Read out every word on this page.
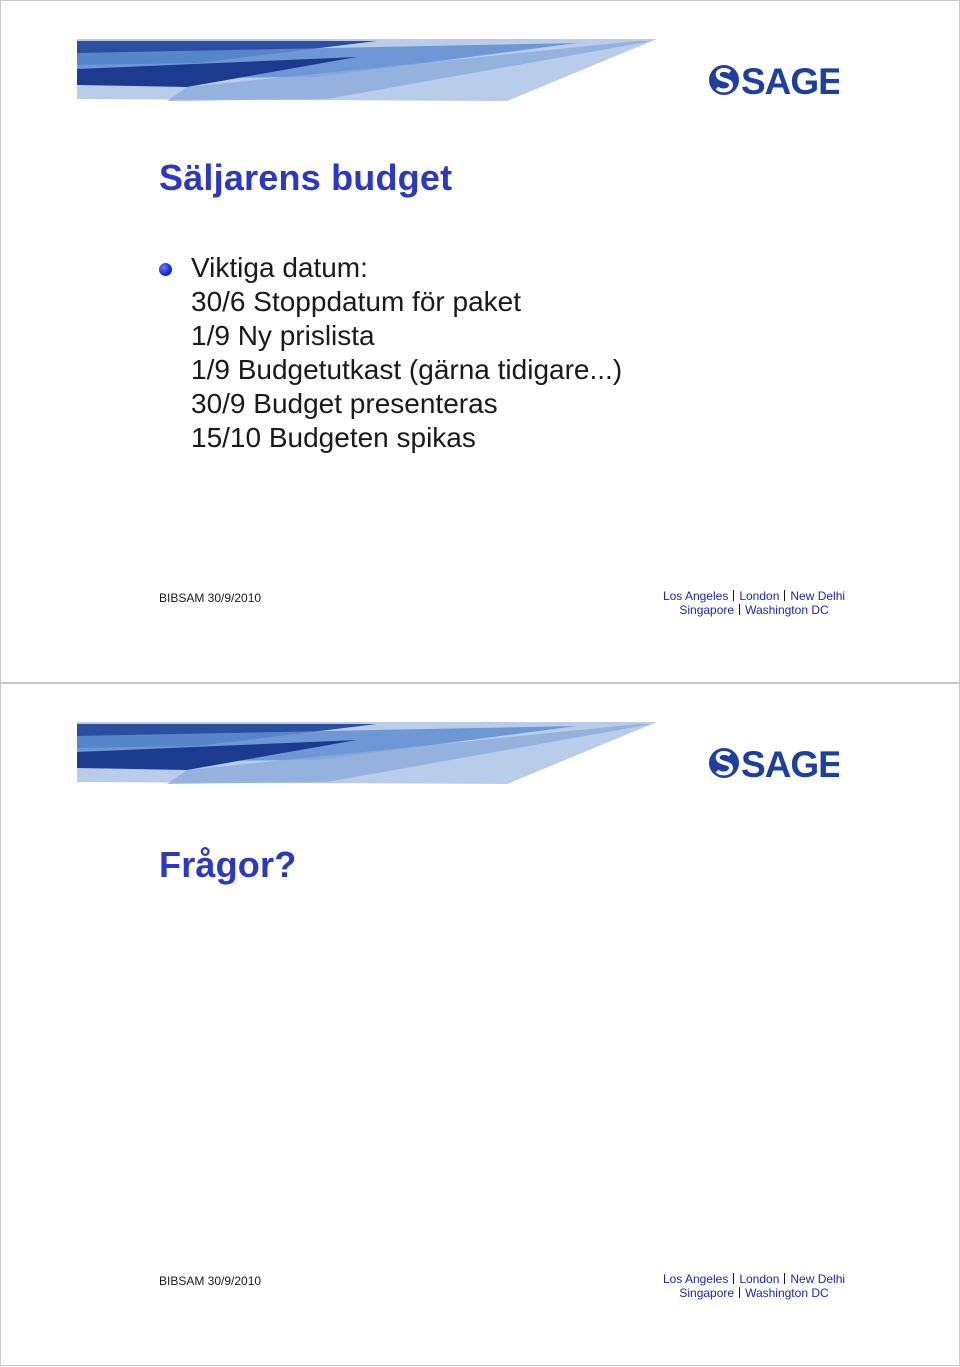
SAGE
Säljarens budget
Viktiga datum:
30/6 Stoppdatum för paket
1/9 Ny prislista
1/9 Budgetutkast (gärna tidigare...)
30/9 Budget presenteras
15/10 Budgeten spikas
BIBSAM 30/9/2010	Los Angeles London New Delhi
Singapore Washington DC
SAGE
Frågor?
BIBSAM 30/9/2010	Los Angeles London New Delhi
Singapore Washington DC
